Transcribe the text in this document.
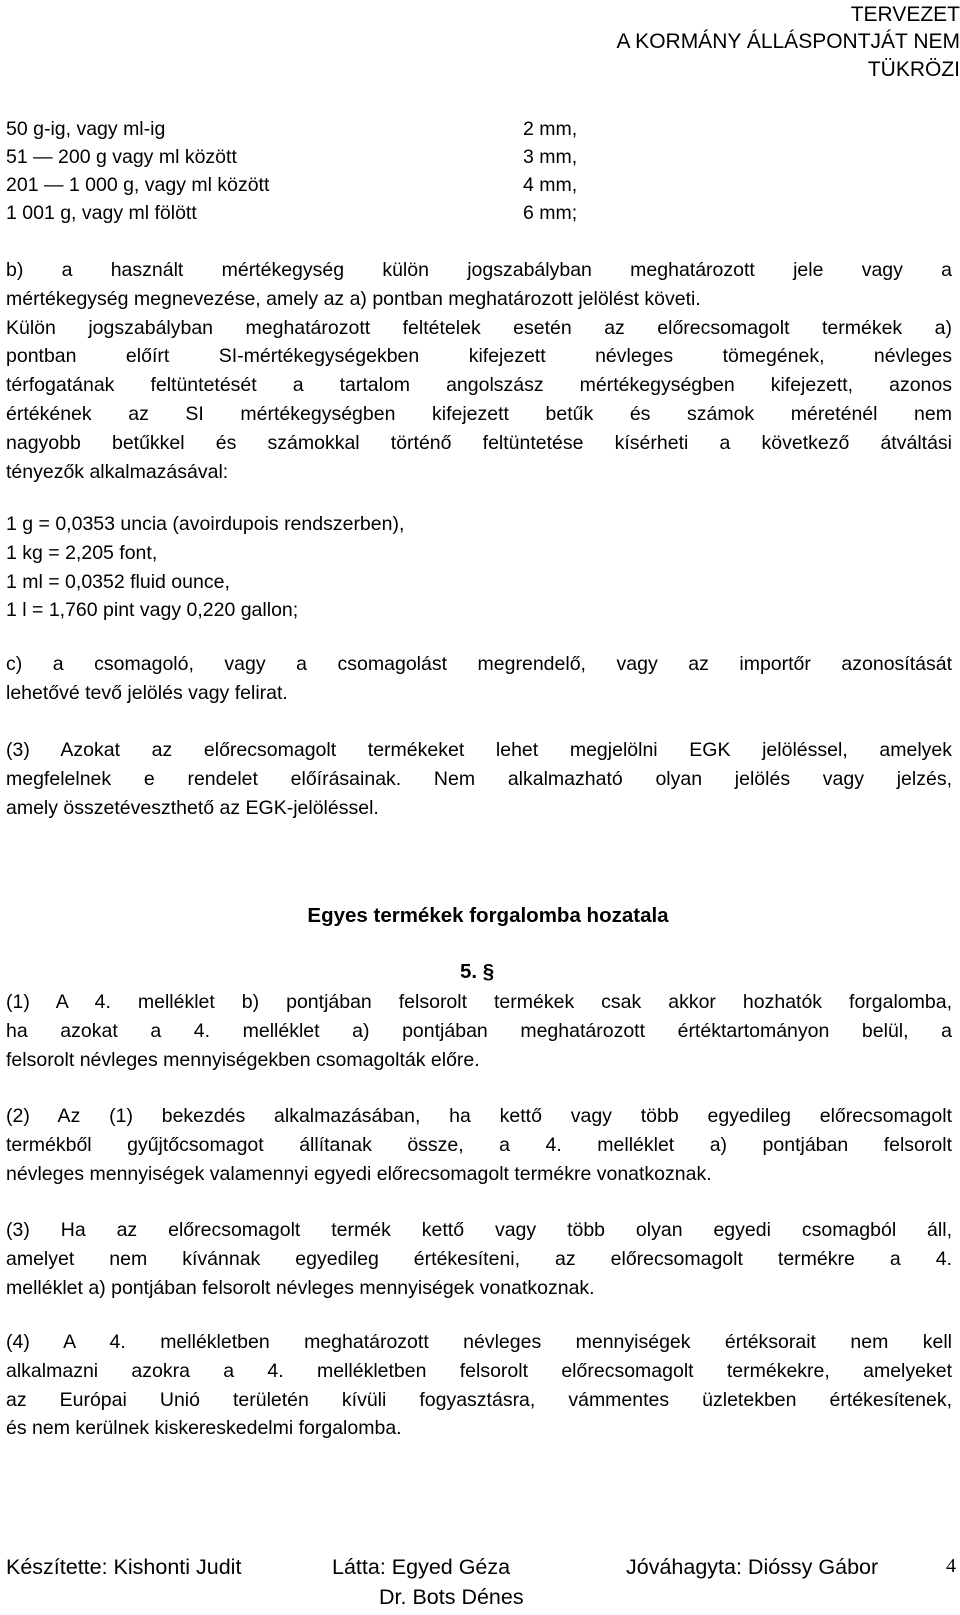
TERVEZET
A KORMÁNY ÁLLÁSPONTJÁT NEM TÜKRÖZI
50 g-ig, vagy ml-ig	2 mm,
51 — 200 g vagy ml között	3 mm,
201 — 1 000 g, vagy ml között	4 mm,
1 001 g, vagy ml fölött	6 mm;
b) a használt mértékegység külön jogszabályban meghatározott jele vagy a
mértékegység megnevezése, amely az a) pontban meghatározott jelölést követi.
Külön jogszabályban meghatározott feltételek esetén az előrecsomagolt termékek a)
pontban előírt SI-mértékegységekben kifejezett névleges tömegének, névleges
térfogatának feltüntetését a tartalom angolszász mértékegységben kifejezett, azonos
értékének az SI mértékegységben kifejezett betűk és számok méreténél nem
nagyobb betűkkel és számokkal történő feltüntetése kísérheti a következő átváltási
tényezők alkalmazásával:
1 g = 0,0353 uncia (avoirdupois rendszerben),
1 kg = 2,205 font,
1 ml = 0,0352 fluid ounce,
1 l = 1,760 pint vagy 0,220 gallon;
c) a csomagoló, vagy a csomagolást megrendelő, vagy az importőr azonosítását
lehetővé tevő jelölés vagy felirat.
(3) Azokat az előrecsomagolt termékeket lehet megjelölni EGK jelöléssel, amelyek
megfelelnek e rendelet előírásainak. Nem alkalmazható olyan jelölés vagy jelzés,
amely összetéveszthető az EGK-jelöléssel.
Egyes termékek forgalomba hozatala
5. §
(1) A 4. melléklet b) pontjában felsorolt termékek csak akkor hozhatók forgalomba,
ha azokat a 4. melléklet a) pontjában meghatározott értéktartományon belül, a
felsorolt névleges mennyiségekben csomagolták előre.
(2) Az (1) bekezdés alkalmazásában, ha kettő vagy több egyedileg előrecsomagolt
termékből gyűjtőcsomagot állítanak össze, a 4. melléklet a) pontjában felsorolt
névleges mennyiségek valamennyi egyedi előrecsomagolt termékre vonatkoznak.
(3) Ha az előrecsomagolt termék kettő vagy több olyan egyedi csomagból áll,
amelyet nem kívánnak egyedileg értékesíteni, az előrecsomagolt termékre a 4.
melléklet a) pontjában felsorolt névleges mennyiségek vonatkoznak.
(4) A 4. mellékletben meghatározott névleges mennyiségek értéksorait nem kell
alkalmazni azokra a 4. mellékletben felsorolt előrecsomagolt termékekre, amelyeket
az Európai Unió területén kívüli fogyasztásra, vámmentes üzletekben értékesítenek,
és nem kerülnek kiskereskedelmi forgalomba.
Készítette: Kishonti Judit	Látta: Egyed Géza	Jóváhagyta: Dióssy Gábor	4
Dr. Bots Dénes
